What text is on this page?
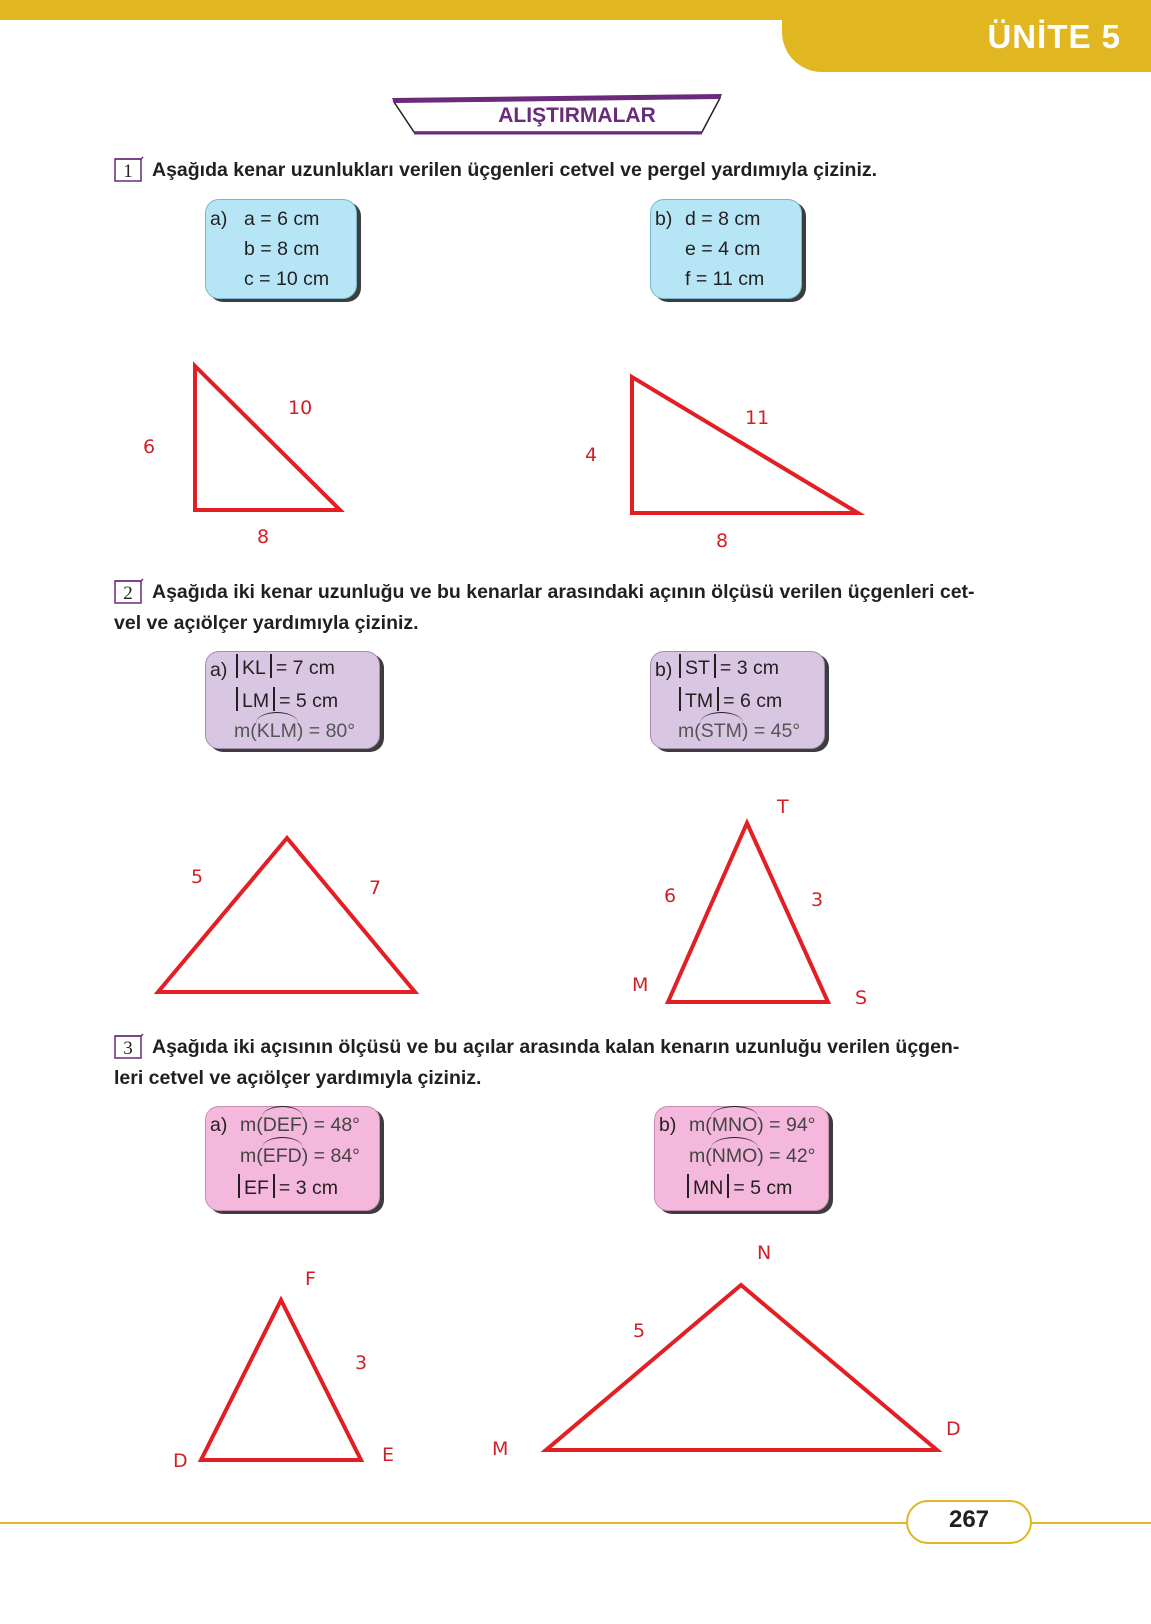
ÜNİTE 5
ALIŞTIRMALAR
1 Aşağıda kenar uzunlukları verilen üçgenleri cetvel ve pergel yardımıyla çiziniz.
a) a = 6 cm
b = 8 cm
c = 10 cm
b) d = 8 cm
e = 4 cm
f = 11 cm
6
10
8
4
11
8
2 Aşağıda iki kenar uzunluğu ve bu kenarlar arasındaki açının ölçüsü verilen üçgenleri cet-
vel ve açıölçer yardımıyla çiziniz.
a) KL = 7 cm
LM = 5 cm
m(KLM) = 80°
b) ST = 3 cm
TM = 6 cm
m(STM) = 45°
5	7
T
6	3
M
S
3 Aşağıda iki açısının ölçüsü ve bu açılar arasında kalan kenarın uzunluğu verilen üçgen-
leri cetvel ve açıölçer yardımıyla çiziniz.
a) m(DEF) = 48°
m(EFD) = 84°
EF = 3 cm
b) m(MNO) = 94°
m(NMO) = 42°
MN = 5 cm
F
3
D	E
N
5
M
D
267
